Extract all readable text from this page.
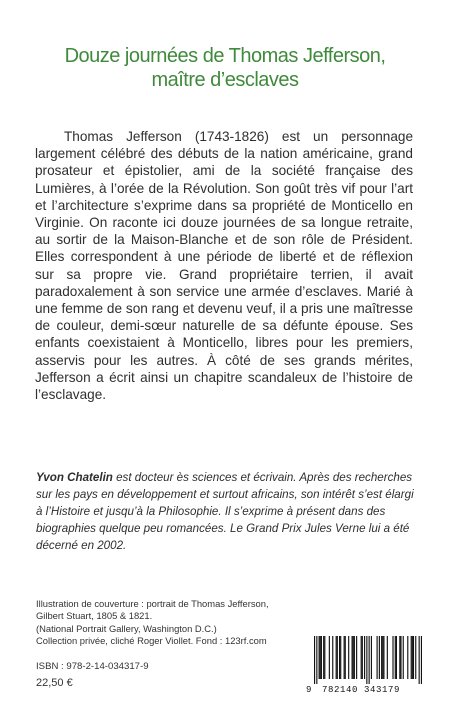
Douze journées de Thomas Jefferson,
maître d’esclaves

Thomas Jefferson (1743-1826) est un personnage largement célébré des débuts de la nation américaine, grand prosateur et épistolier, ami de la société française des Lumières, à l’orée de la Révolution. Son goût très vif pour l’art et l’architecture s’exprime dans sa propriété de Monticello en Virginie. On raconte ici douze journées de sa longue retraite, au sortir de la Maison-Blanche et de son rôle de Président. Elles correspondent à une période de liberté et de réflexion sur sa propre vie. Grand propriétaire terrien, il avait paradoxalement à son service une armée d’esclaves. Marié à une femme de son rang et devenu veuf, il a pris une maîtresse de couleur, demi-sœur naturelle de sa défunte épouse. Ses enfants coexistaient à Monticello, libres pour les premiers, asservis pour les autres. À côté de ses grands mérites, Jefferson a écrit ainsi un chapitre scandaleux de l’histoire de l’esclavage.

Yvon Chatelin est docteur ès sciences et écrivain. Après des recherches sur les pays en développement et surtout africains, son intérêt s’est élargi à l’Histoire et jusqu’à la Philosophie. Il s’exprime à présent dans des biographies quelque peu romancées. Le Grand Prix Jules Verne lui a été décerné en 2002.

Illustration de couverture : portrait de Thomas Jefferson,
Gilbert Stuart, 1805 & 1821.
(National Portrait Gallery, Washington D.C.)
Collection privée, cliché Roger Viollet. Fond : 123rf.com
ISBN : 978-2-14-034317-9
22,50 €
9 782140 343179
